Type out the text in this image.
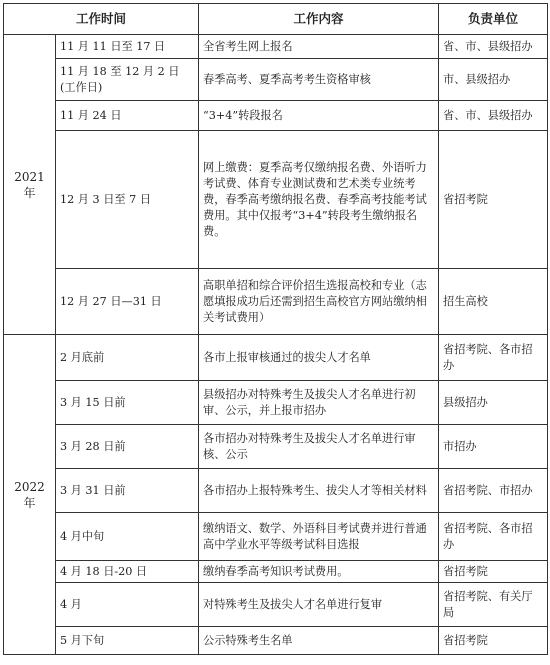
工作时间		工作内容	负责单位
2021 年	11 月 11 日至 17 日	全省考生网上报名	省、市、县级招办
	11 月 18 至 12 月 2 日(工作日)	春季高考、夏季高考考生资格审核	市、县级招办
	11 月 24 日	“3+4”转段报名	省、市、县级招办
	12 月 3 日至 7 日	网上缴费：夏季高考仅缴纳报名费、外语听力考试费、体育专业测试费和艺术类专业统考费，春季高考缴纳报名费、春季高考技能考试费用。其中仅报考“3+4”转段考生缴纳报名费。	省招考院
	12 月 27 日—31 日	高职单招和综合评价招生选报高校和专业（志愿填报成功后还需到招生高校官方网站缴纳相关考试费用）	招生高校
2022 年	2 月底前	各市上报审核通过的拔尖人才名单	省招考院、各市招办
	3 月 15 日前	县级招办对特殊考生及拔尖人才名单进行初审、公示，并上报市招办	县级招办
	3 月 28 日前	各市招办对特殊考生及拔尖人才名单进行审核、公示	市招办
	3 月 31 日前	各市招办上报特殊考生、拔尖人才等相关材料	省招考院、市招办
	4 月中旬	缴纳语文、数学、外语科目考试费并进行普通高中学业水平等级考试科目选报	省招考院、各市招办
	4 月 18 日-20 日	缴纳春季高考知识考试费用。	省招考院
	4 月	对特殊考生及拔尖人才名单进行复审	省招考院、有关厅局
	5 月下旬	公示特殊考生名单	省招考院
